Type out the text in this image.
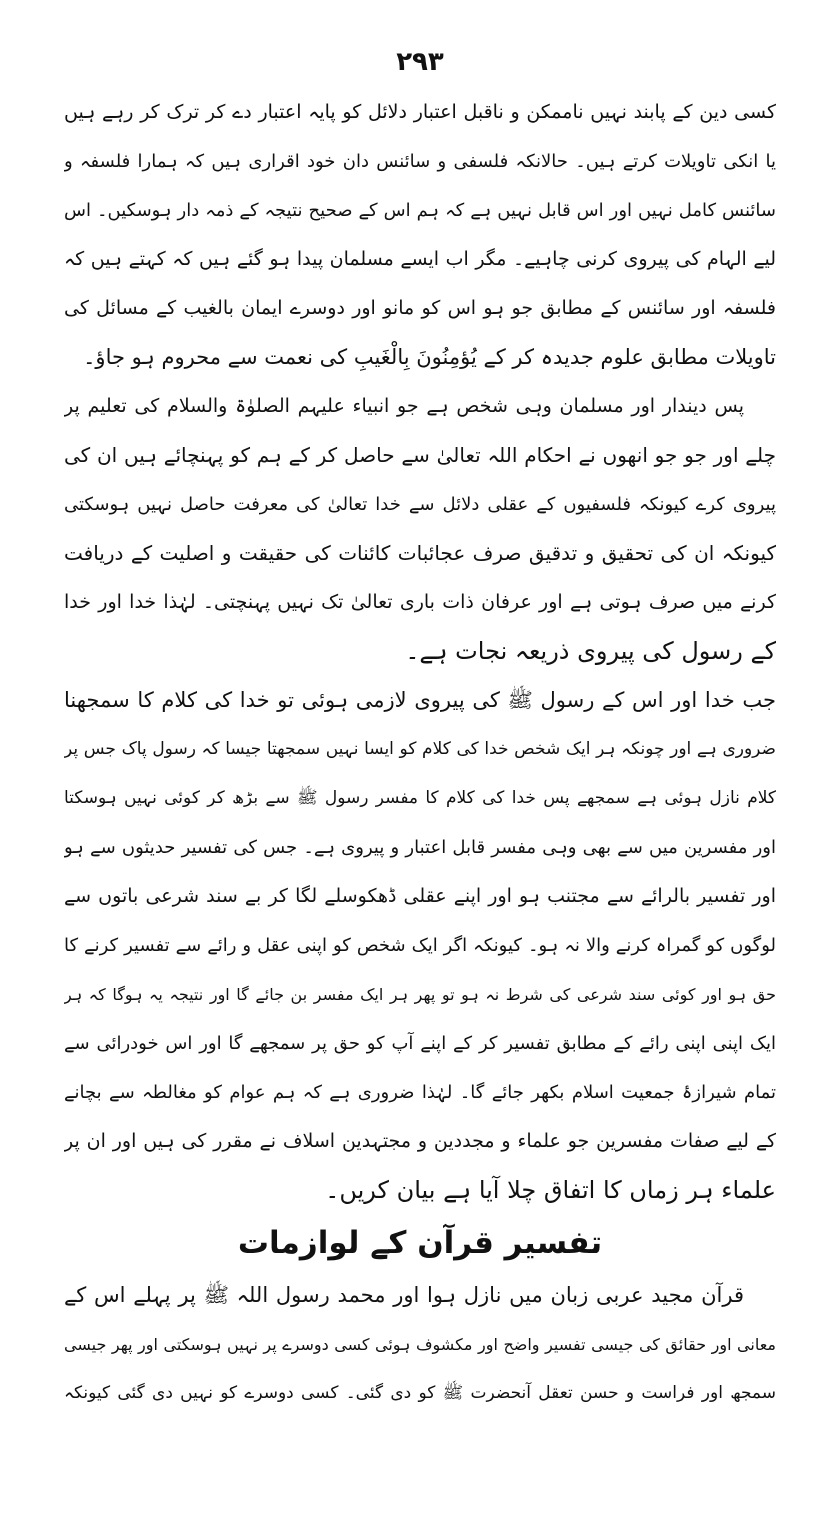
۲۹۳
کسی دین کے پابند نہیں ناممکن و ناقبل اعتبار دلائل کو پایہ اعتبار دے کر ترک کر رہے ہیں
یا انکی تاویلات کرتے ہیں۔ حالانکہ فلسفی و سائنس دان خود اقراری ہیں کہ ہمارا فلسفہ و
سائنس کامل نہیں اور اس قابل نہیں ہے کہ ہم اس کے صحیح نتیجہ کے ذمہ دار ہوسکیں۔ اس
لیے الہام کی پیروی کرنی چاہیے۔ مگر اب ایسے مسلمان پیدا ہو گئے ہیں کہ کہتے ہیں کہ
فلسفہ اور سائنس کے مطابق جو ہو اس کو مانو اور دوسرے ایمان بالغیب کے مسائل کی
تاویلات مطابق علوم جدیدہ کر کے یُؤمِنُونَ بِالْغَیبِ کی نعمت سے محروم ہو جاؤ۔
پس دیندار اور مسلمان وہی شخص ہے جو انبیاء علیہم الصلوٰۃ والسلام کی تعلیم پر
چلے اور جو جو انھوں نے احکام اللہ تعالیٰ سے حاصل کر کے ہم کو پہنچائے ہیں ان کی
پیروی کرے کیونکہ فلسفیوں کے عقلی دلائل سے خدا تعالیٰ کی معرفت حاصل نہیں ہوسکتی
کیونکہ ان کی تحقیق و تدقیق صرف عجائبات کائنات کی حقیقت و اصلیت کے دریافت
کرنے میں صرف ہوتی ہے اور عرفان ذات باری تعالیٰ تک نہیں پہنچتی۔ لہٰذا خدا اور خدا
کے رسول کی پیروی ذریعہ نجات ہے۔
جب خدا اور اس کے رسول ﷺ کی پیروی لازمی ہوئی تو خدا کی کلام کا سمجھنا
ضروری ہے اور چونکہ ہر ایک شخص خدا کی کلام کو ایسا نہیں سمجھتا جیسا کہ رسول پاک جس پر
کلام نازل ہوئی ہے سمجھے پس خدا کی کلام کا مفسر رسول ﷺ سے بڑھ کر کوئی نہیں ہوسکتا
اور مفسرین میں سے بھی وہی مفسر قابل اعتبار و پیروی ہے۔ جس کی تفسیر حدیثوں سے ہو
اور تفسیر بالرائے سے مجتنب ہو اور اپنے عقلی ڈھکوسلے لگا کر بے سند شرعی باتوں سے
لوگوں کو گمراہ کرنے والا نہ ہو۔ کیونکہ اگر ایک شخص کو اپنی عقل و رائے سے تفسیر کرنے کا
حق ہو اور کوئی سند شرعی کی شرط نہ ہو تو پھر ہر ایک مفسر بن جائے گا اور نتیجہ یہ ہوگا کہ ہر
ایک اپنی اپنی رائے کے مطابق تفسیر کر کے اپنے آپ کو حق پر سمجھے گا اور اس خودرائی سے
تمام شیرازۂ جمعیت اسلام بکھر جائے گا۔ لہٰذا ضروری ہے کہ ہم عوام کو مغالطہ سے بچانے
کے لیے صفات مفسرین جو علماء و مجددین و مجتہدین اسلاف نے مقرر کی ہیں اور ان پر
علماء ہر زماں کا اتفاق چلا آیا ہے بیان کریں۔
تفسیر قرآن کے لوازمات
قرآن مجید عربی زبان میں نازل ہوا اور محمد رسول اللہ ﷺ پر پہلے اس کے
معانی اور حقائق کی جیسی تفسیر واضح اور مکشوف ہوئی کسی دوسرے پر نہیں ہوسکتی اور پھر جیسی
سمجھ اور فراست و حسن تعقل آنحضرت ﷺ کو دی گئی۔ کسی دوسرے کو نہیں دی گئی کیونکہ
